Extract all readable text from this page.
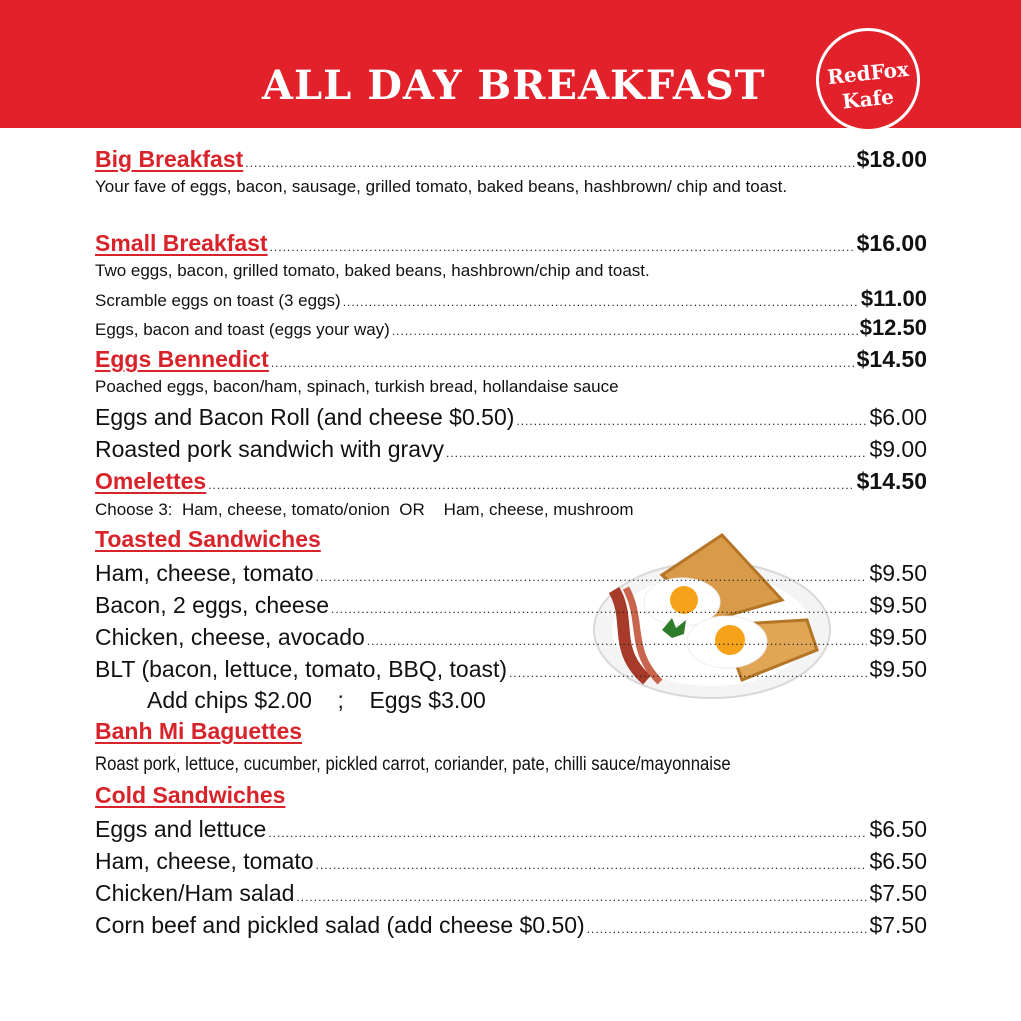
ALL DAY BREAKFAST	RedFox
Kafe
Big Breakfast .....	$18.00
Your fave of eggs, bacon, sausage, grilled tomato, baked beans, hashbrown/ chip and toast.
Small Breakfast .....	$16.00
Two eggs, bacon, grilled tomato, baked beans, hashbrown/chip and toast.
Scramble eggs on toast (3 eggs) .....	$11.00
Eggs, bacon and toast (eggs your way) .....	$12.50
Eggs Bennedict .....	$14.50
Poached eggs, bacon/ham, spinach, turkish bread, hollandaise sauce
Eggs and Bacon Roll (and cheese $0.50) .....	$6.00
Roasted pork sandwich with gravy .....	$9.00
Omelettes .....	$14.50
Choose 3:  Ham, cheese, tomato/onion  OR    Ham, cheese, mushroom
Toasted Sandwiches
Ham, cheese, tomato .....	$9.50
Bacon, 2 eggs, cheese .....	$9.50
Chicken, cheese, avocado .....	$9.50
BLT (bacon, lettuce, tomato, BBQ, toast) .....	$9.50
Add chips $2.00    ;    Eggs $3.00
Banh Mi Baguettes
Roast pork, lettuce, cucumber, pickled carrot, coriander, pate, chilli sauce/mayonnaise
Cold Sandwiches
Eggs and lettuce .....	$6.50
Ham, cheese, tomato .....	$6.50
Chicken/Ham salad .....	$7.50
Corn beef and pickled salad (add cheese $0.50) .....	$7.50
